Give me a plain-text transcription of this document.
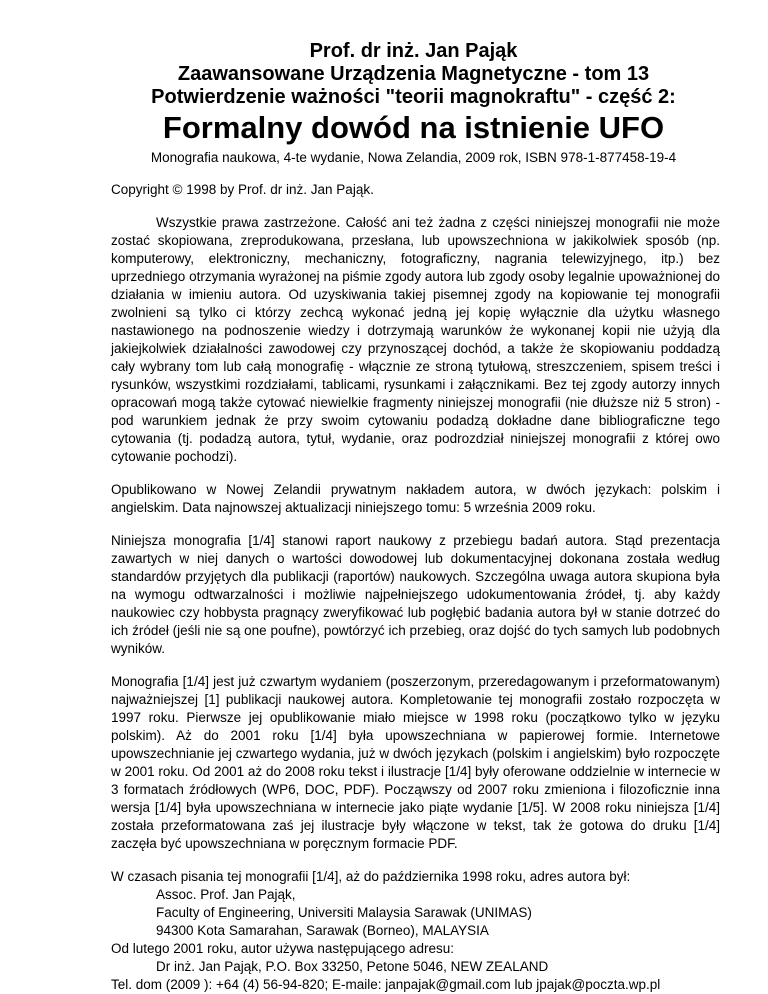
Prof. dr inż. Jan Pająk

Zaawansowane Urządzenia Magnetyczne - tom 13

Potwierdzenie ważności "teorii magnokraftu" - część 2:

Formalny dowód na istnienie UFO

Monografia naukowa, 4-te wydanie, Nowa Zelandia, 2009 rok, ISBN 978-1-877458-19-4

Copyright © 1998 by Prof. dr inż. Jan Pająk.

Wszystkie prawa zastrzeżone. Całość ani też żadna z części niniejszej monografii nie może zostać skopiowana, zreprodukowana, przesłana, lub upowszechniona w jakikolwiek sposób (np. komputerowy, elektroniczny, mechaniczny, fotograficzny, nagrania telewizyjnego, itp.) bez uprzedniego otrzymania wyrażonej na piśmie zgody autora lub zgody osoby legalnie upoważnionej do działania w imieniu autora. Od uzyskiwania takiej pisemnej zgody na kopiowanie tej monografii zwolnieni są tylko ci którzy zechcą wykonać jedną jej kopię wyłącznie dla użytku własnego nastawionego na podnoszenie wiedzy i dotrzymają warunków że wykonanej kopii nie użyją dla jakiejkolwiek działalności zawodowej czy przynoszącej dochód, a także że skopiowaniu poddadzą cały wybrany tom lub całą monografię - włącznie ze stroną tytułową, streszczeniem, spisem treści i rysunków, wszystkimi rozdziałami, tablicami, rysunkami i załącznikami. Bez tej zgody autorzy innych opracowań mogą także cytować niewielkie fragmenty niniejszej monografii (nie dłuższe niż 5 stron) - pod warunkiem jednak że przy swoim cytowaniu podadzą dokładne dane bibliograficzne tego cytowania (tj. podadzą autora, tytuł, wydanie, oraz podrozdział niniejszej monografii z której owo cytowanie pochodzi).

Opublikowano w Nowej Zelandii prywatnym nakładem autora, w dwóch językach: polskim i angielskim. Data najnowszej aktualizacji niniejszego tomu: 5 września 2009 roku.

Niniejsza monografia [1/4] stanowi raport naukowy z przebiegu badań autora. Stąd prezentacja zawartych w niej danych o wartości dowodowej lub dokumentacyjnej dokonana została według standardów przyjętych dla publikacji (raportów) naukowych. Szczególna uwaga autora skupiona była na wymogu odtwarzalności i możliwie najpełniejszego udokumentowania źródeł, tj. aby każdy naukowiec czy hobbysta pragnący zweryfikować lub pogłębić badania autora był w stanie dotrzeć do ich źródeł (jeśli nie są one poufne), powtórzyć ich przebieg, oraz dojść do tych samych lub podobnych wyników.

Monografia [1/4] jest już czwartym wydaniem (poszerzonym, przeredagowanym i przeformatowanym) najważniejszej [1] publikacji naukowej autora. Kompletowanie tej monografii zostało rozpoczęta w 1997 roku. Pierwsze jej opublikowanie miało miejsce w 1998 roku (początkowo tylko w języku polskim). Aż do 2001 roku [1/4] była upowszechniana w papierowej formie. Internetowe upowszechnianie jej czwartego wydania, już w dwóch językach (polskim i angielskim) było rozpoczęte w 2001 roku. Od 2001 aż do 2008 roku tekst i ilustracje [1/4] były oferowane oddzielnie w internecie w 3 formatach źródłowych (WP6, DOC, PDF). Począwszy od 2007 roku zmieniona i filozoficznie inna wersja [1/4] była upowszechniana w internecie jako piąte wydanie [1/5]. W 2008 roku niniejsza [1/4] została przeformatowana zaś jej ilustracje były włączone w tekst, tak że gotowa do druku [1/4] zaczęła być upowszechniana w poręcznym formacie PDF.

W czasach pisania tej monografii [1/4], aż do października 1998 roku, adres autora był:
Assoc. Prof. Jan Pająk,
Faculty of Engineering, Universiti Malaysia Sarawak (UNIMAS)
94300 Kota Samarahan, Sarawak (Borneo), MALAYSIA
Od lutego 2001 roku, autor używa następującego adresu:
Dr inż. Jan Pająk, P.O. Box 33250, Petone 5046, NEW ZEALAND
Tel. dom (2009 ): +64 (4) 56-94-820; E-maile: janpajak@gmail.com lub jpajak@poczta.wp.pl
